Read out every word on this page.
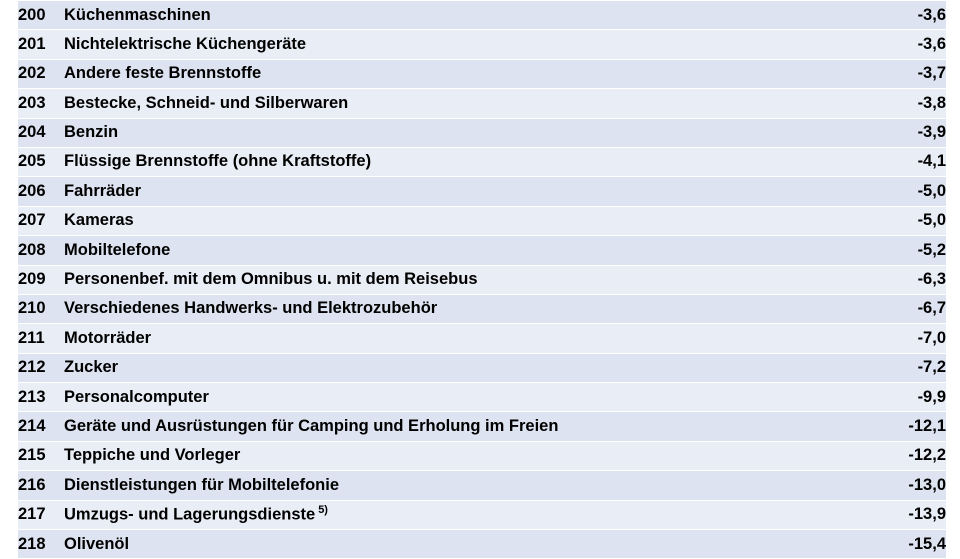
200	Küchenmaschinen	-3,6
201	Nichtelektrische Küchengeräte	-3,6
202	Andere feste Brennstoffe	-3,7
203	Bestecke, Schneid- und Silberwaren	-3,8
204	Benzin	-3,9
205	Flüssige Brennstoffe (ohne Kraftstoffe)	-4,1
206	Fahrräder	-5,0
207	Kameras	-5,0
208	Mobiltelefone	-5,2
209	Personenbef. mit dem Omnibus u. mit dem Reisebus	-6,3
210	Verschiedenes Handwerks- und Elektrozubehör	-6,7
211	Motorräder	-7,0
212	Zucker	-7,2
213	Personalcomputer	-9,9
214	Geräte und Ausrüstungen für Camping und Erholung im Freien	-12,1
215	Teppiche und Vorleger	-12,2
216	Dienstleistungen für Mobiltelefonie	-13,0
217	Umzugs- und Lagerungsdienste $^{5)}$	-13,9
218	Olivenöl	-15,4
